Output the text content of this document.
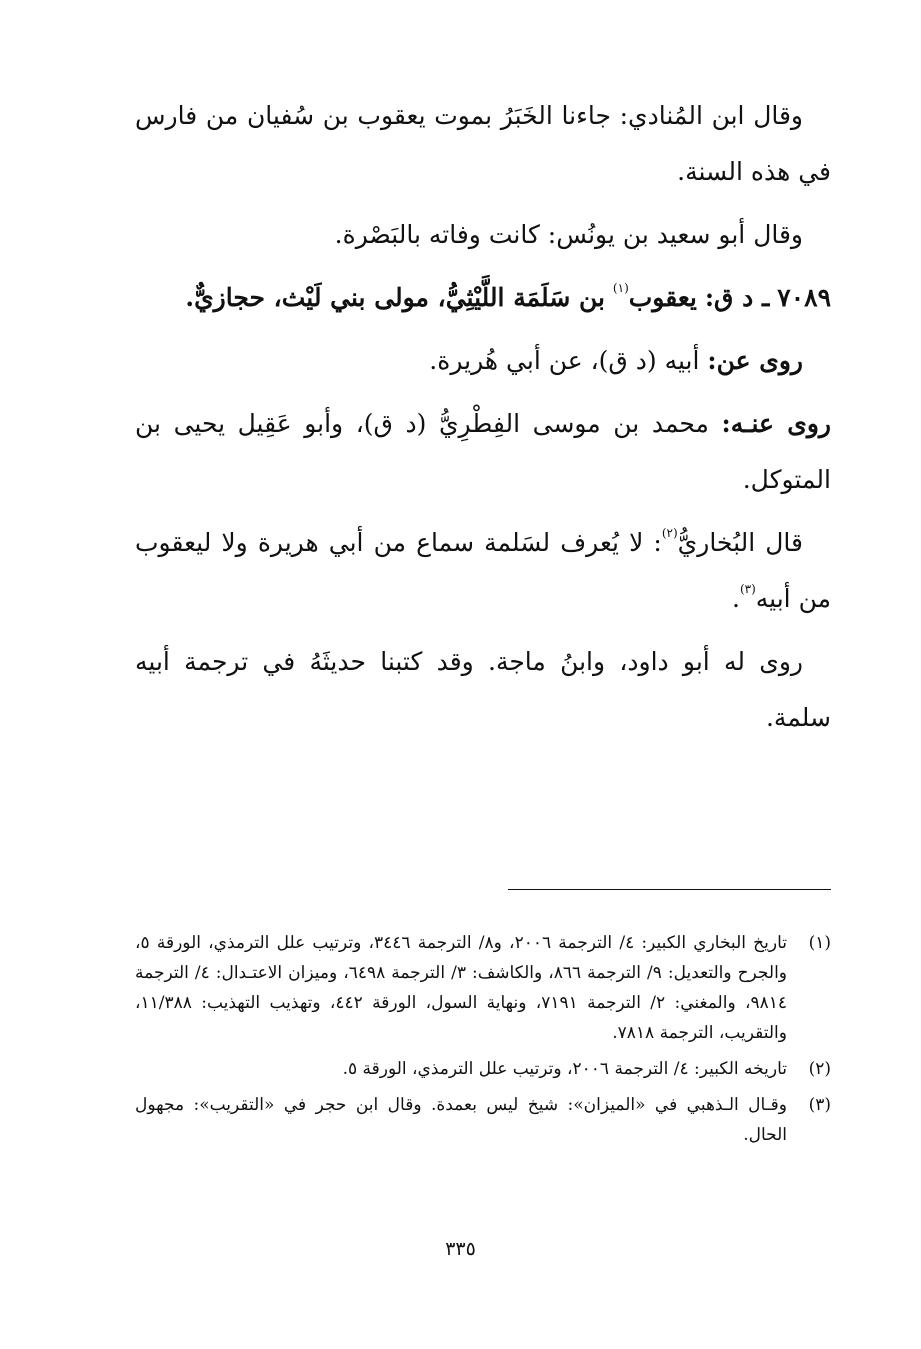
وقال ابن المُنادي: جاءنا الخَبَرُ بموت يعقوب بن سُفيان من فارس في هذه السنة.

وقال أبو سعيد بن يونُس: كانت وفاته بالبَصْرة.

٧٠٨٩ ـ د ق: يعقوب$^{(١)}$ بن سَلَمَة اللَّيْثِيُّ، مولى بني لَيْث، حجازيٌّ.

روى عن: أبيه (د ق)، عن أبي هُريرة.

روى عنـه: محمد بن موسى الفِطْرِيُّ (د ق)، وأبو عَقِيل يحيى بن المتوكل.

قال البُخاريُّ$^{(٢)}$: لا يُعرف لسَلمة سماع من أبي هريرة ولا ليعقوب من أبيه$^{(٣)}$.

روى له أبو داود، وابنُ ماجة. وقد كتبنا حديثَهُ في ترجمة أبيه سلمة.

(١)
تاريخ البخاري الكبير: ٤/ الترجمة ٢٠٠٦، و٨/ الترجمة ٣٤٤٦، وترتيب علل الترمذي، الورقة ٥، والجرح والتعديل: ٩/ الترجمة ٨٦٦، والكاشف: ٣/ الترجمة ٦٤٩٨، وميزان الاعتـدال: ٤/ الترجمة ٩٨١٤، والمغني: ٢/ الترجمة ٧١٩١، ونهاية السول، الورقة ٤٤٢، وتهذيب التهذيب: ١١/٣٨٨، والتقريب، الترجمة ٧٨١٨.
(٢)
تاريخه الكبير: ٤/ الترجمة ٢٠٠٦، وترتيب علل الترمذي، الورقة ٥.
(٣)
وقـال الـذهبي في «الميزان»: شيخ ليس بعمدة. وقال ابن حجر في «التقريب»: مجهول الحال.
٣٣٥
